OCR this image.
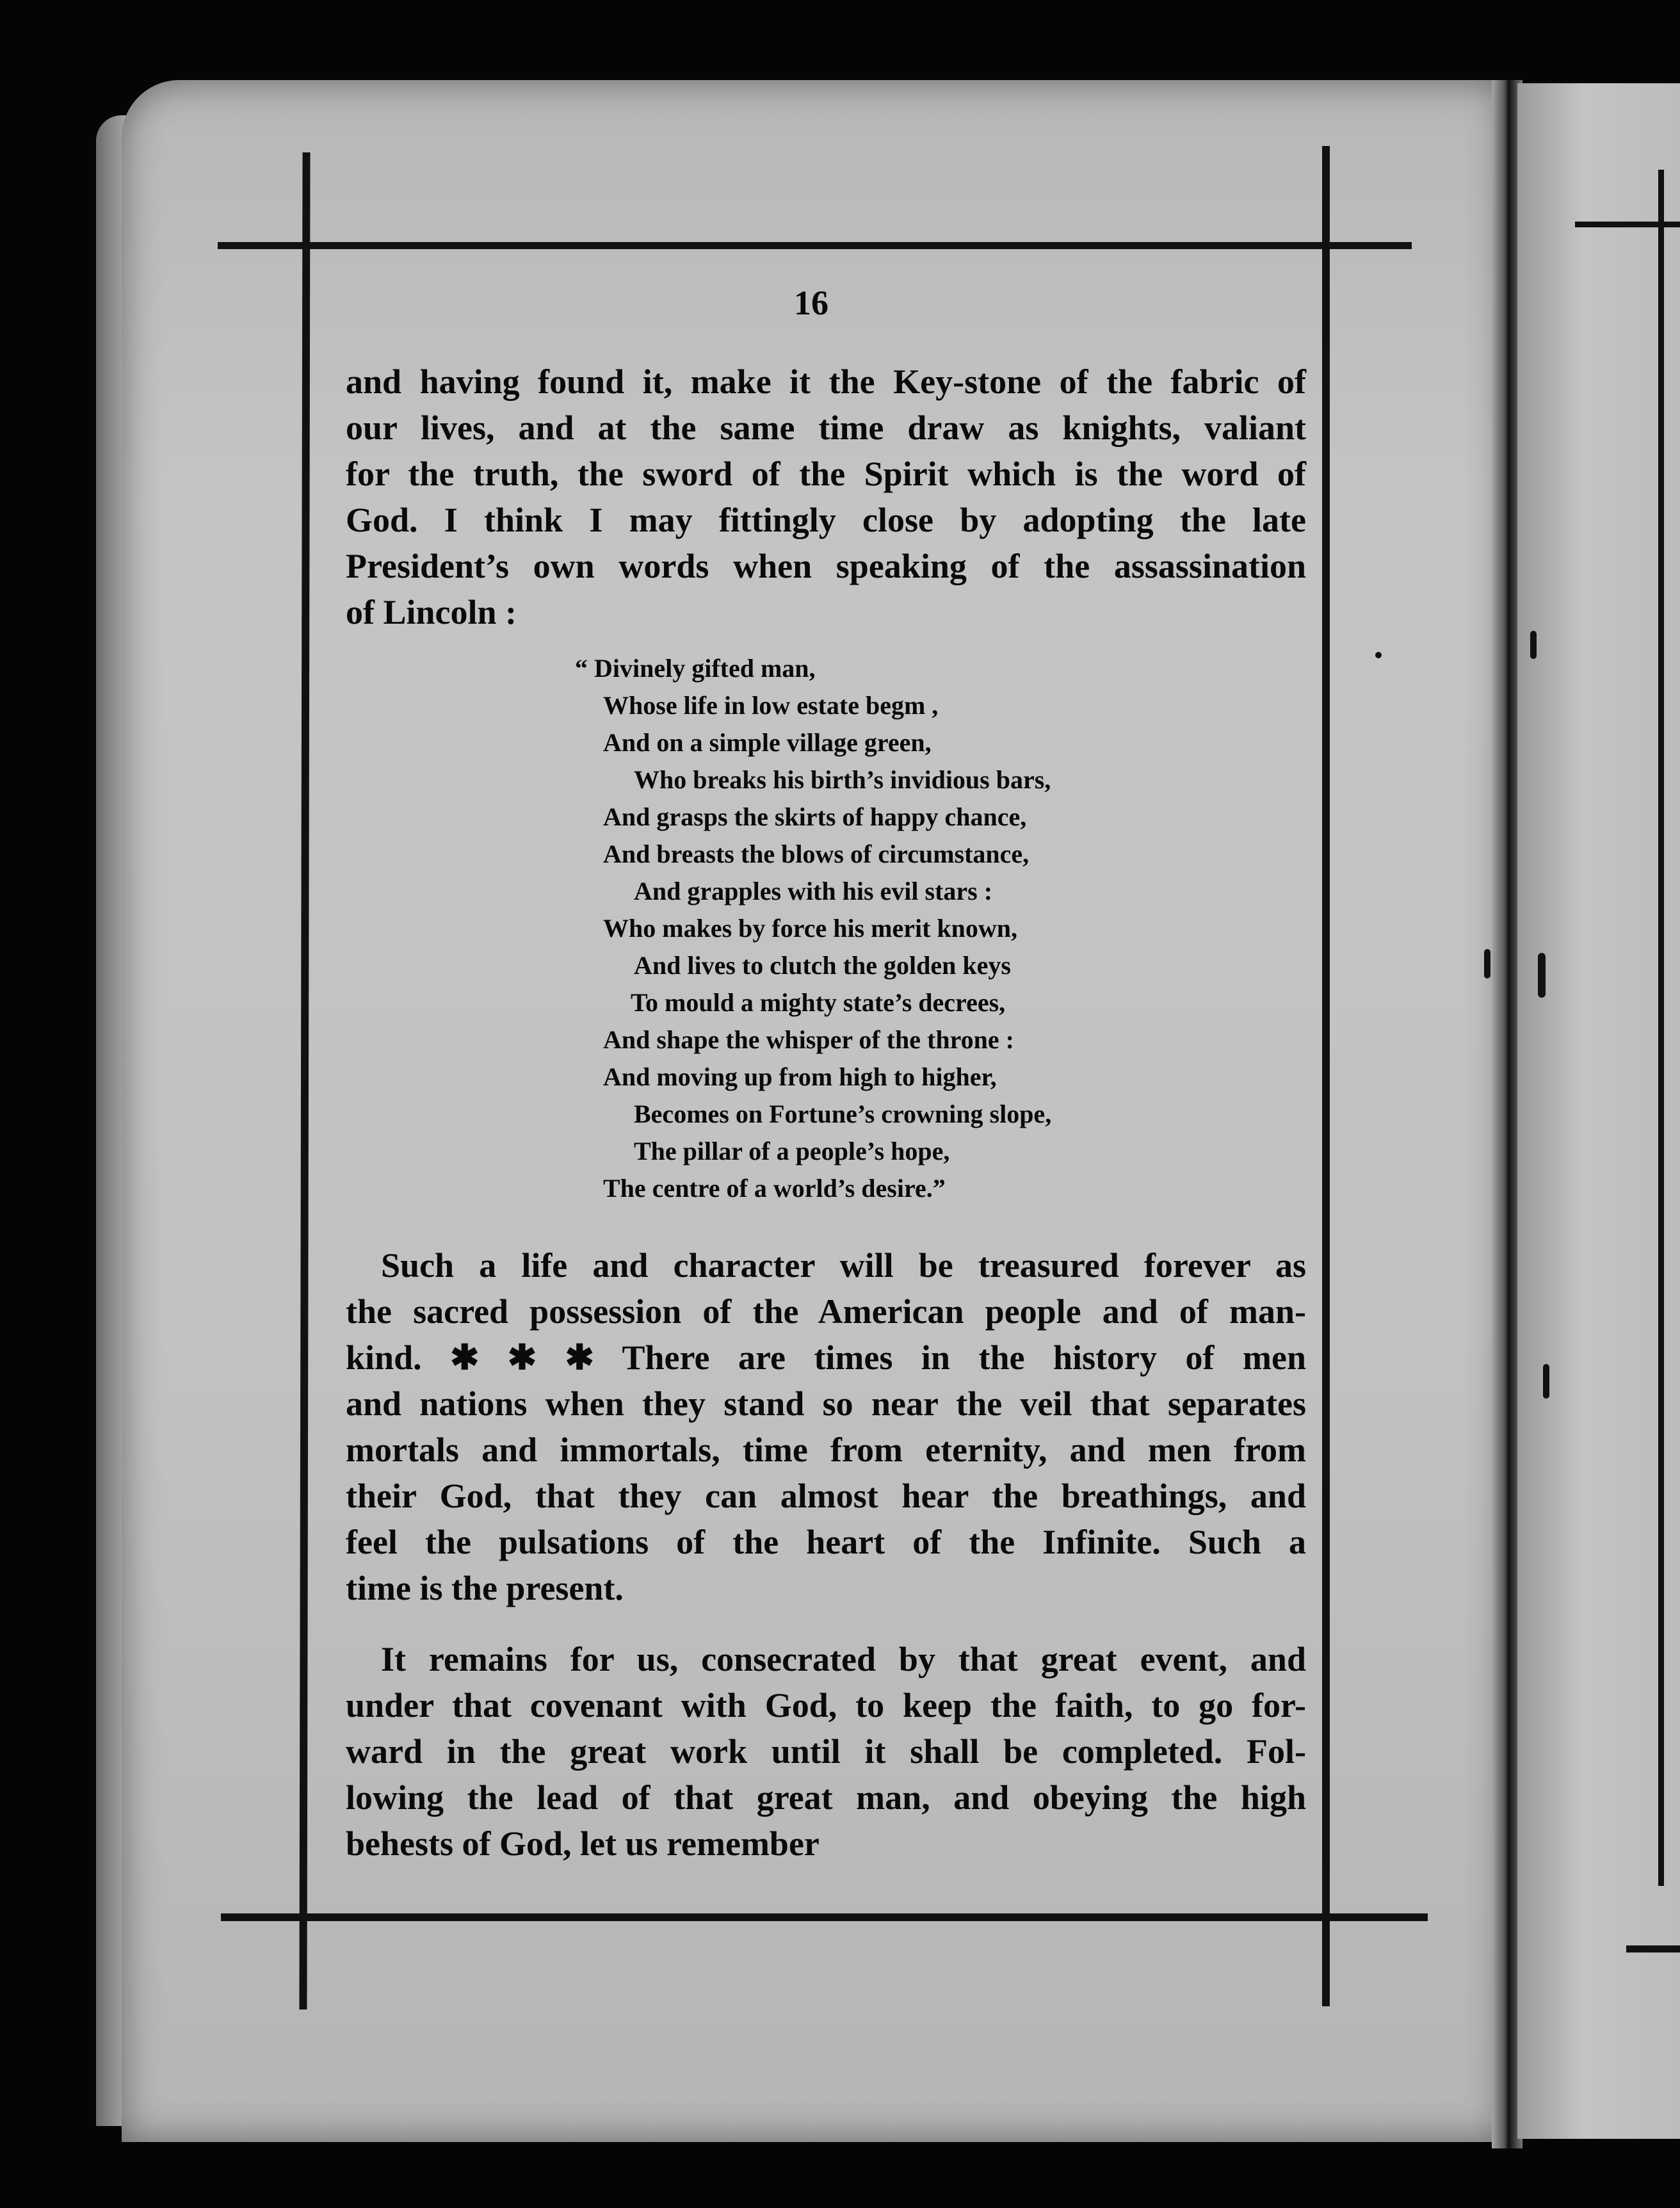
16
and having found it, make it the Key-stone of the fabric of
our lives, and at the same time draw as knights, valiant
for the truth, the sword of the Spirit which is the word of
God. I think I may fittingly close by adopting the late
President’s own words when speaking of the assassination
of Lincoln :
“ Divinely gifted man,
Whose life in low estate begm ,
And on a simple village green,
Who breaks his birth’s invidious bars,
And grasps the skirts of happy chance,
And breasts the blows of circumstance,
And grapples with his evil stars :
Who makes by force his merit known,
And lives to clutch the golden keys
To mould a mighty state’s decrees,
And shape the whisper of the throne :
And moving up from high to higher,
Becomes on Fortune’s crowning slope,
The pillar of a people’s hope,
The centre of a world’s desire.”
Such a life and character will be treasured forever as
the sacred possession of the American people and of man-
kind. ✱ ✱ ✱ There are times in the history of men
and nations when they stand so near the veil that separates
mortals and immortals, time from eternity, and men from
their God, that they can almost hear the breathings, and
feel the pulsations of the heart of the Infinite. Such a
time is the present.
It remains for us, consecrated by that great event, and
under that covenant with God, to keep the faith, to go for-
ward in the great work until it shall be completed. Fol-
lowing the lead of that great man, and obeying the high
behests of God, let us remember
